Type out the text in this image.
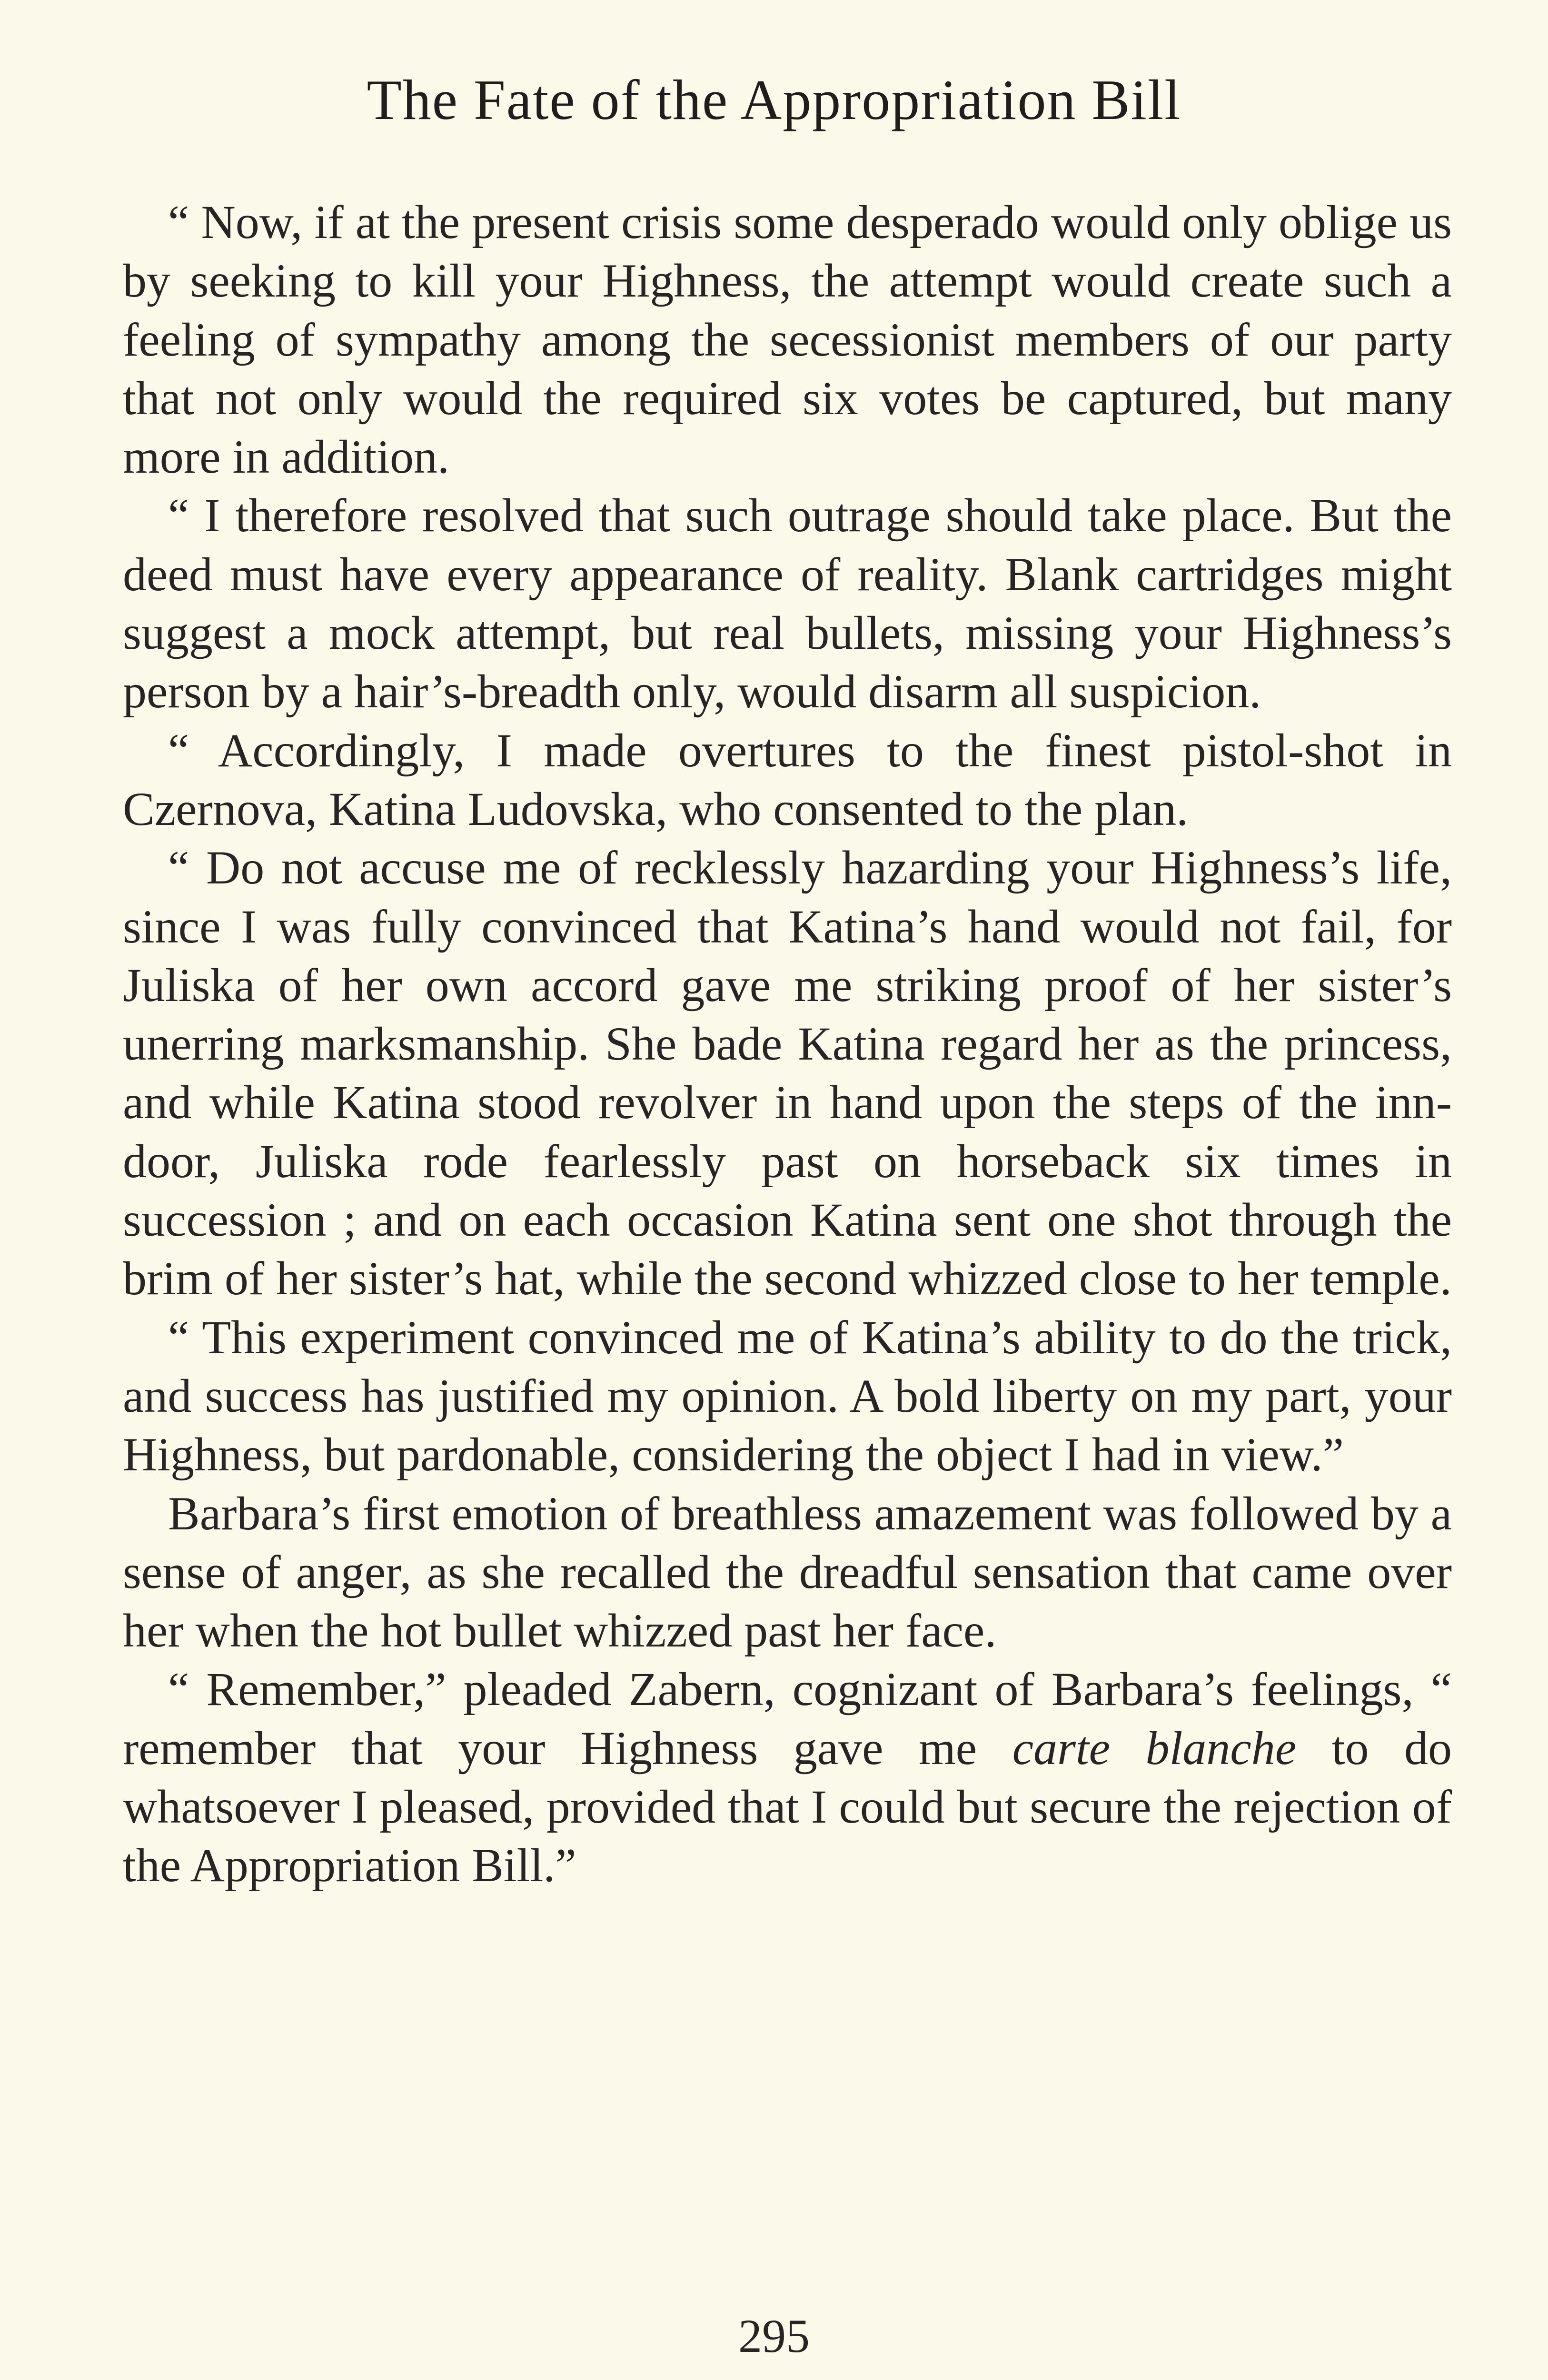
The Fate of the Appropriation Bill

“ Now, if at the present crisis some desperado would only oblige us by seeking to kill your Highness, the attempt would create such a feeling of sympathy among the secessionist members of our party that not only would the required six votes be captured, but many more in addition.

“ I therefore resolved that such outrage should take place. But the deed must have every appearance of reality. Blank cartridges might suggest a mock attempt, but real bullets, missing your Highness’s person by a hair’s-breadth only, would disarm all suspicion.

“ Accordingly, I made overtures to the finest pistol-shot in Czernova, Katina Ludovska, who consented to the plan.

“ Do not accuse me of recklessly hazarding your Highness’s life, since I was fully convinced that Katina’s hand would not fail, for Juliska of her own accord gave me striking proof of her sister’s unerring marksmanship. She bade Katina regard her as the princess, and while Katina stood revolver in hand upon the steps of the inn-door, Juliska rode fearlessly past on horseback six times in succession ; and on each occasion Katina sent one shot through the brim of her sister’s hat, while the second whizzed close to her temple.

“ This experiment convinced me of Katina’s ability to do the trick, and success has justified my opinion. A bold liberty on my part, your Highness, but pardonable, considering the object I had in view.”

Barbara’s first emotion of breathless amazement was followed by a sense of anger, as she recalled the dreadful sensation that came over her when the hot bullet whizzed past her face.

“ Remember,” pleaded Zabern, cognizant of Barbara’s feelings, “ remember that your Highness gave me carte blanche to do whatsoever I pleased, provided that I could but secure the rejection of the Appropriation Bill.”

295
